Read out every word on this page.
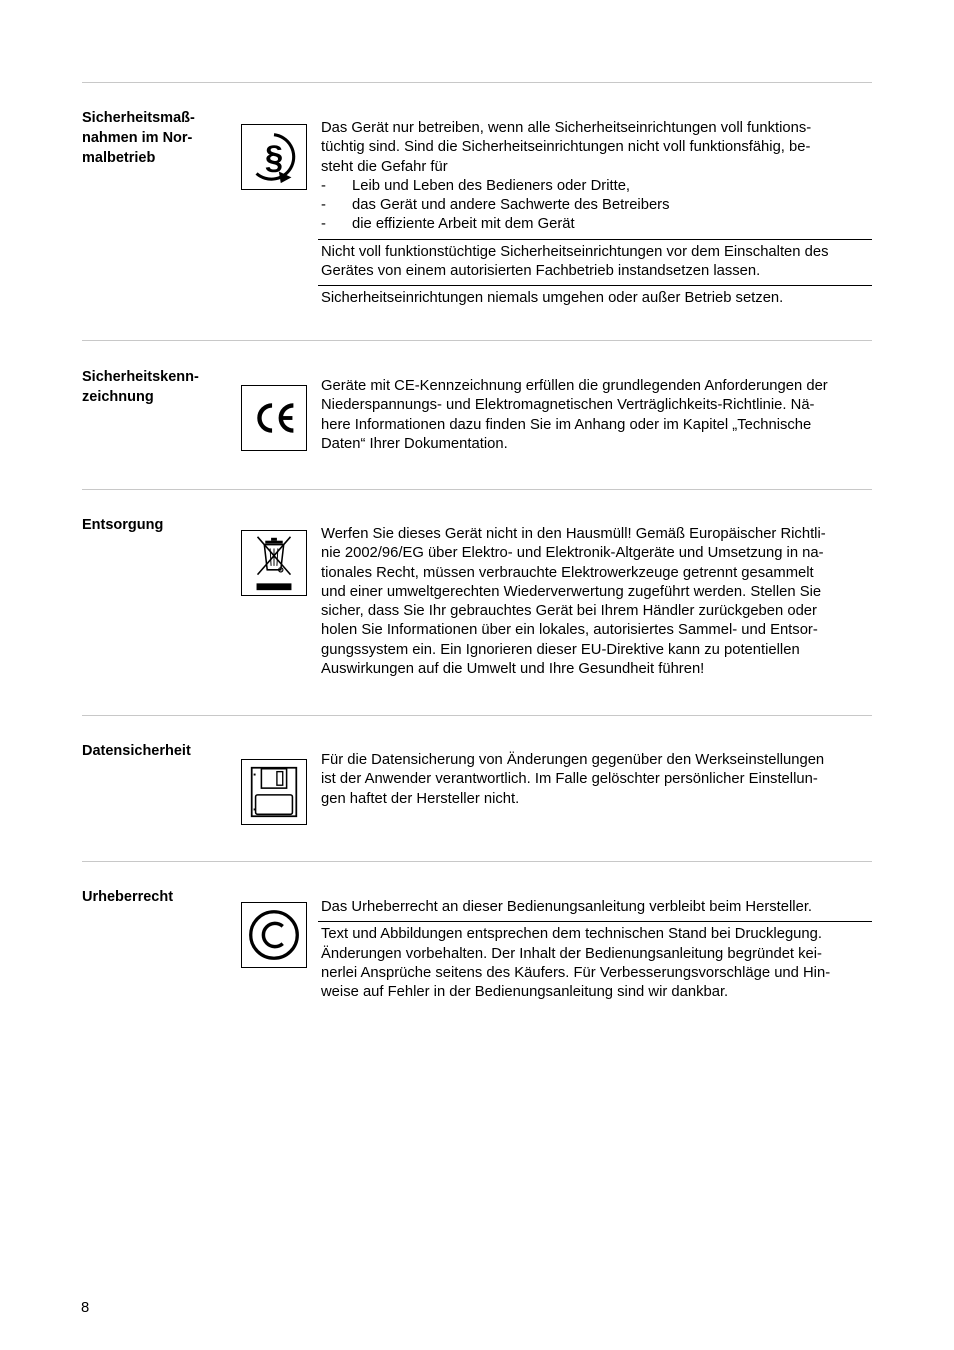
Sicherheitsmaß-
nahmen im Nor-
malbetrieb	§
Das Gerät nur betreiben, wenn alle Sicherheitseinrichtungen voll funktions-
tüchtig sind. Sind die Sicherheitseinrichtungen nicht voll funktionsfähig, be-
steht die Gefahr für
- Leib und Leben des Bedieners oder Dritte,
- das Gerät und andere Sachwerte des Betreibers
- die effiziente Arbeit mit dem Gerät
Nicht voll funktionstüchtige Sicherheitseinrichtungen vor dem Einschalten des
Gerätes von einem autorisierten Fachbetrieb instandsetzen lassen.
Sicherheitseinrichtungen niemals umgehen oder außer Betrieb setzen.
Sicherheitskenn-
zeichnung
Geräte mit CE-Kennzeichnung erfüllen die grundlegenden Anforderungen der
Niederspannungs- und Elektromagnetischen Verträglichkeits-Richtlinie. Nä-
here Informationen dazu finden Sie im Anhang oder im Kapitel „Technische
Daten“ Ihrer Dokumentation.
Entsorgung
Werfen Sie dieses Gerät nicht in den Hausmüll! Gemäß Europäischer Richtli-
nie 2002/96/EG über Elektro- und Elektronik-Altgeräte und Umsetzung in na-
tionales Recht, müssen verbrauchte Elektrowerkzeuge getrennt gesammelt
und einer umweltgerechten Wiederverwertung zugeführt werden. Stellen Sie
sicher, dass Sie Ihr gebrauchtes Gerät bei Ihrem Händler zurückgeben oder
holen Sie Informationen über ein lokales, autorisiertes Sammel- und Entsor-
gungssystem ein. Ein Ignorieren dieser EU-Direktive kann zu potentiellen
Auswirkungen auf die Umwelt und Ihre Gesundheit führen!
Datensicherheit
Für die Datensicherung von Änderungen gegenüber den Werkseinstellungen
ist der Anwender verantwortlich. Im Falle gelöschter persönlicher Einstellun-
gen haftet der Hersteller nicht.
Urheberrecht
Das Urheberrecht an dieser Bedienungsanleitung verbleibt beim Hersteller.
Text und Abbildungen entsprechen dem technischen Stand bei Drucklegung.
Änderungen vorbehalten. Der Inhalt der Bedienungsanleitung begründet kei-
nerlei Ansprüche seitens des Käufers. Für Verbesserungsvorschläge und Hin-
weise auf Fehler in der Bedienungsanleitung sind wir dankbar.
8
